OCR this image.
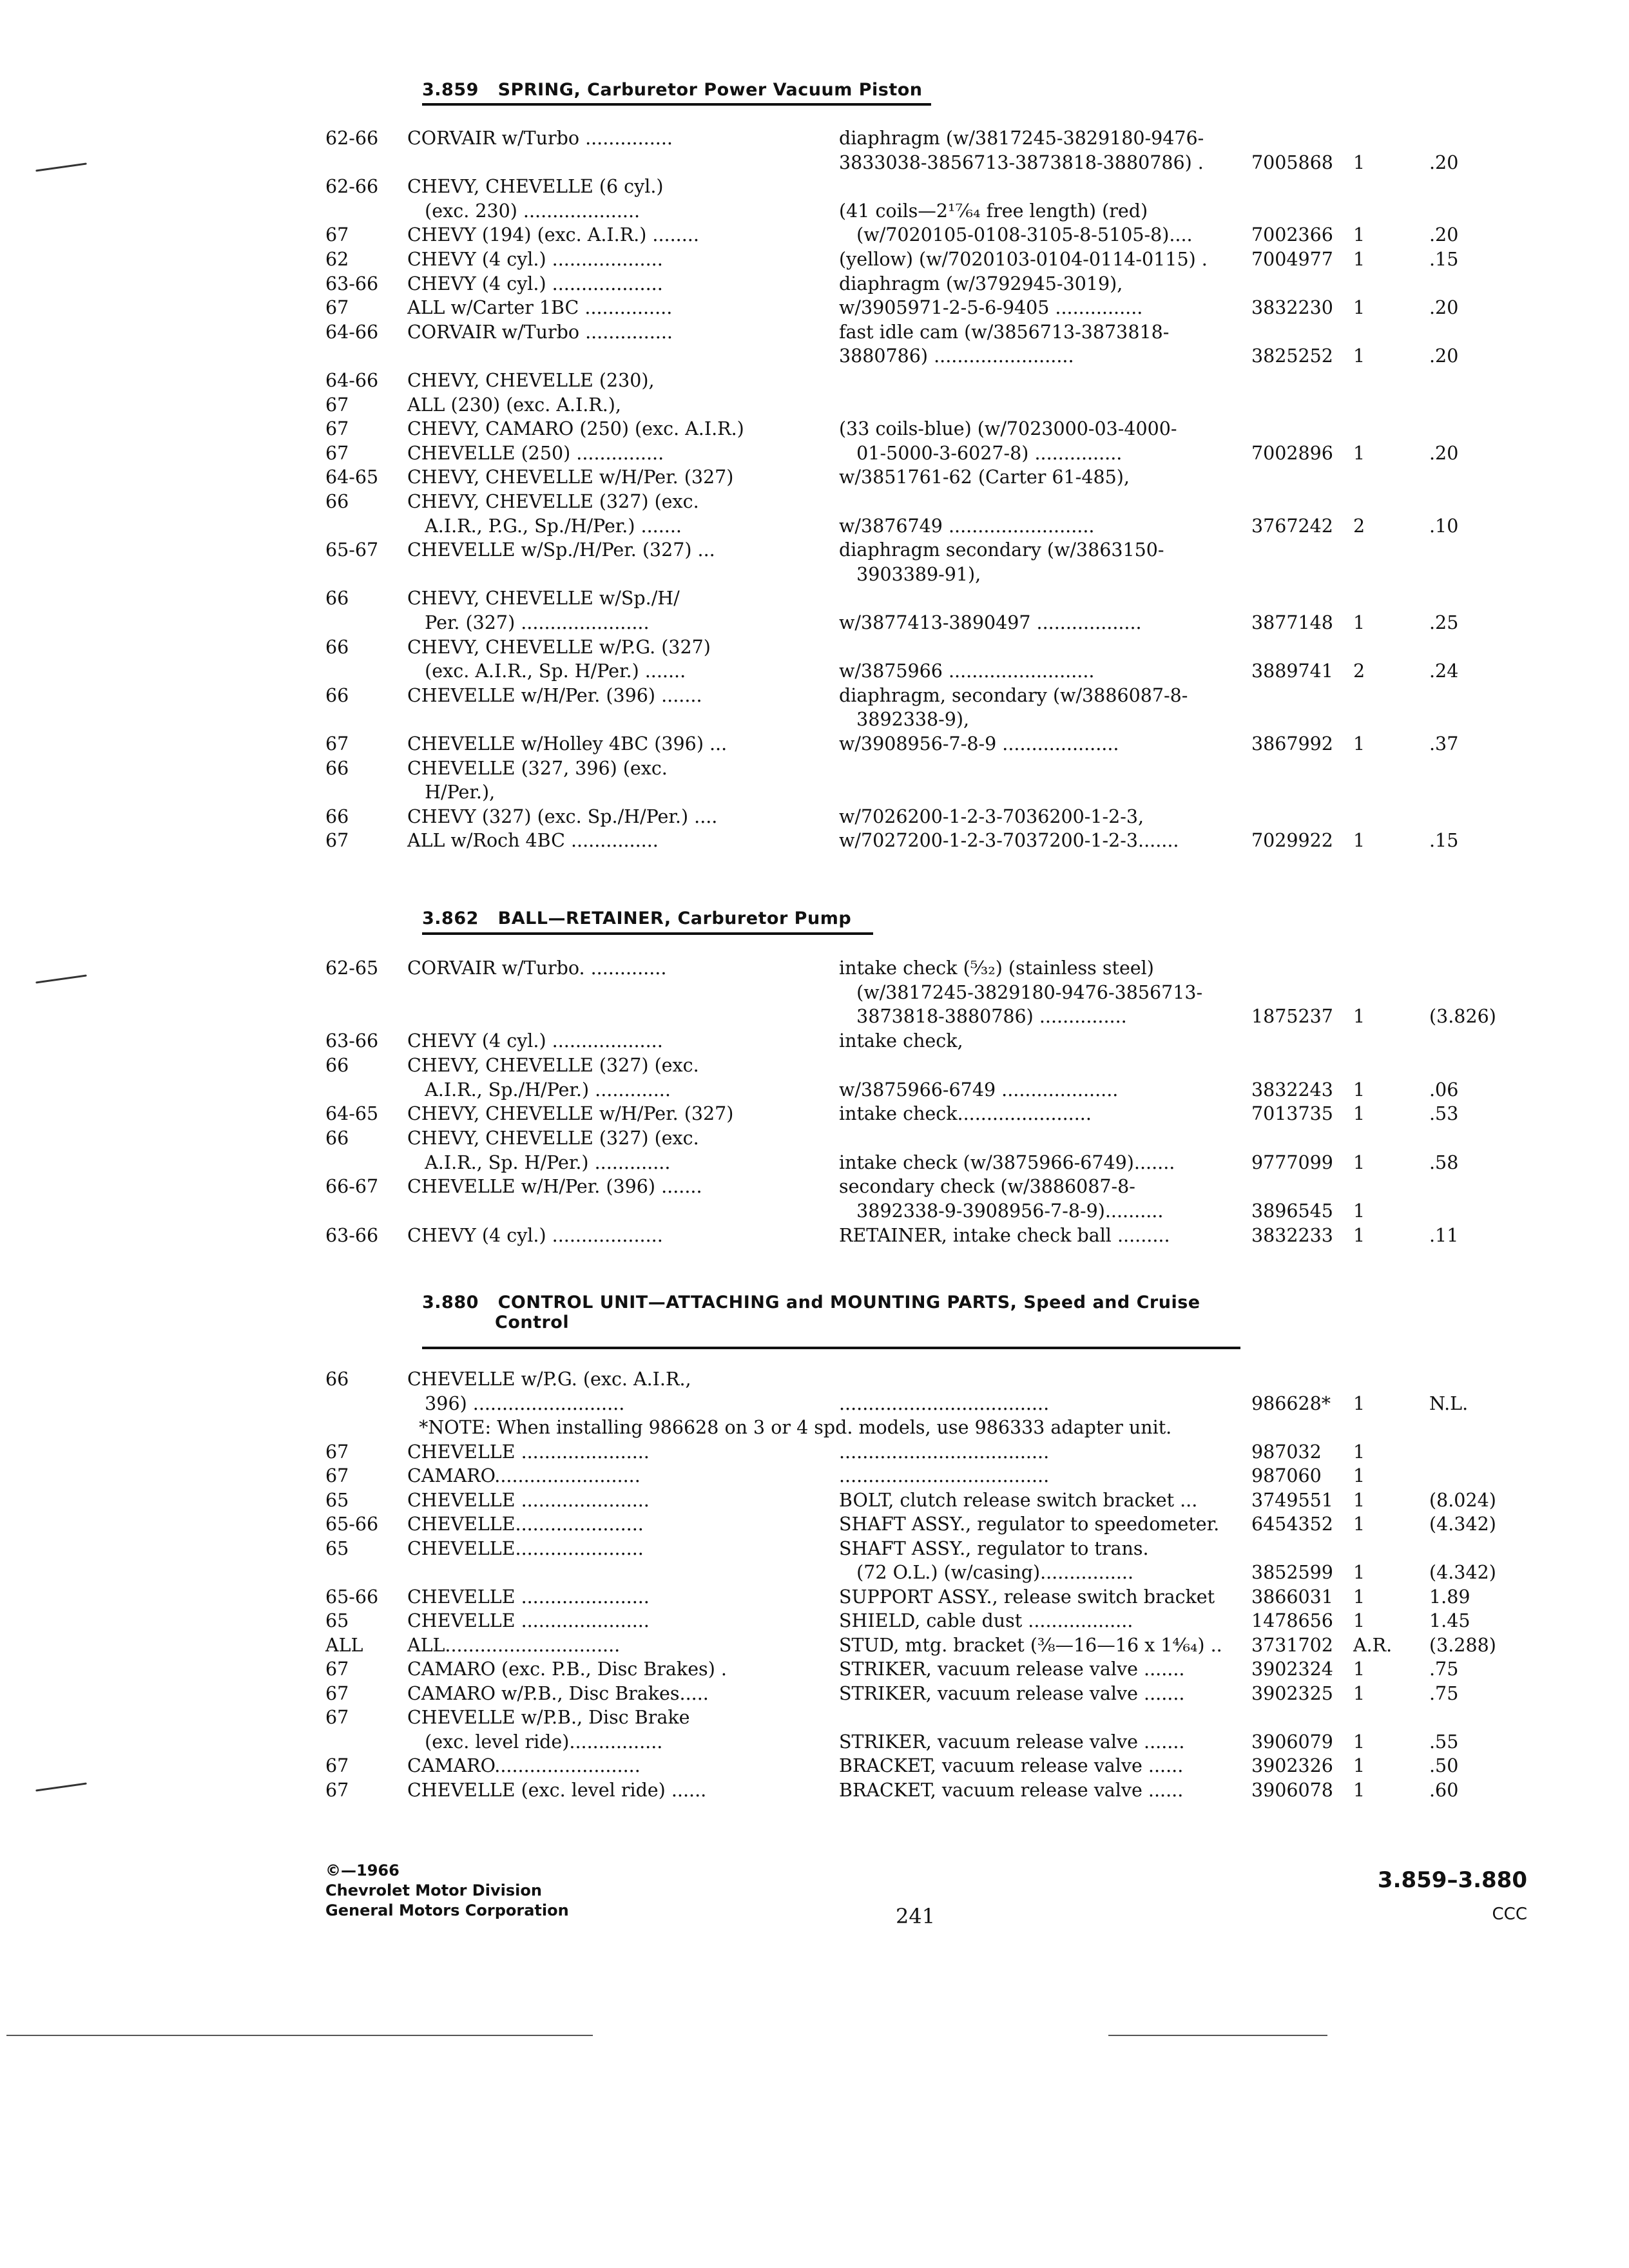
3.859 SPRING, Carburetor Power Vacuum Piston
62-66 CORVAIR w/Turbo ...............	diaphragm (w/3817245-3829180-9476-
3833038-3856713-3873818-3880786) .	7005868 1	.20
62-66 CHEVY, CHEVELLE (6 cyl.)
(exc. 230) ....................	(41 coils—2¹⁷⁄₆₄ free length) (red)
67	CHEVY (194) (exc. A.I.R.) ........	(w/7020105-0108-3105-8-5105-8)....	7002366 1	.20
62	CHEVY (4 cyl.) ...................	(yellow) (w/7020103-0104-0114-0115) . 7004977 1	.15
63-66 CHEVY (4 cyl.) ...................	diaphragm (w/3792945-3019),
67	ALL w/Carter 1BC ...............	w/3905971-2-5-6-9405 ...............	3832230 1	.20
64-66 CORVAIR w/Turbo ...............	fast idle cam (w/3856713-3873818-
3880786) ........................	3825252 1	.20
64-66 CHEVY, CHEVELLE (230),
67	ALL (230) (exc. A.I.R.),
67	CHEVY, CAMARO (250) (exc. A.I.R.)	(33 coils-blue) (w/7023000-03-4000-
67	CHEVELLE (250) ...............	01-5000-3-6027-8) ...............	7002896 1	.20
64-65 CHEVY, CHEVELLE w/H/Per. (327)	w/3851761-62 (Carter 61-485),
66	CHEVY, CHEVELLE (327) (exc.
A.I.R., P.G., Sp./H/Per.) .......	w/3876749 .........................	3767242 2	.10
65-67 CHEVELLE w/Sp./H/Per. (327) ...	diaphragm secondary (w/3863150-
3903389-91),
66	CHEVY, CHEVELLE w/Sp./H/
Per. (327) ......................	w/3877413-3890497 ..................	3877148 1	.25
66	CHEVY, CHEVELLE w/P.G. (327)
(exc. A.I.R., Sp. H/Per.) .......	w/3875966 .........................	3889741 2	.24
66	CHEVELLE w/H/Per. (396) .......	diaphragm, secondary (w/3886087-8-
3892338-9),
67	CHEVELLE w/Holley 4BC (396) ...	w/3908956-7-8-9 ....................	3867992 1	.37
66	CHEVELLE (327, 396) (exc.
H/Per.),
66	CHEVY (327) (exc. Sp./H/Per.) ....	w/7026200-1-2-3-7036200-1-2-3,
67	ALL w/Roch 4BC ...............	w/7027200-1-2-3-7037200-1-2-3.......	7029922 1	.15
3.862 BALL—RETAINER, Carburetor Pump
62-65 CORVAIR w/Turbo. .............	intake check (⁵⁄₃₂) (stainless steel)
(w/3817245-3829180-9476-3856713-
3873818-3880786) ...............	1875237 1	(3.826)
63-66 CHEVY (4 cyl.) ...................	intake check,
66	CHEVY, CHEVELLE (327) (exc.
A.I.R., Sp./H/Per.) .............	w/3875966-6749 ....................	3832243 1	.06
64-65 CHEVY, CHEVELLE w/H/Per. (327)	intake check.......................	7013735 1	.53
66	CHEVY, CHEVELLE (327) (exc.
A.I.R., Sp. H/Per.) .............	intake check (w/3875966-6749).......	9777099 1	.58
66-67 CHEVELLE w/H/Per. (396) .......	secondary check (w/3886087-8-
3892338-9-3908956-7-8-9)..........	3896545 1
63-66 CHEVY (4 cyl.) ...................	RETAINER, intake check ball .........	3832233 1	.11
3.880 CONTROL UNIT—ATTACHING and MOUNTING PARTS, Speed and Cruise
Control
66	CHEVELLE w/P.G. (exc. A.I.R.,
396) ..........................	....................................	986628* 1	N.L.
*NOTE: When installing 986628 on 3 or 4 spd. models, use 986333 adapter unit.
67	CHEVELLE ......................	....................................	987032 1
67	CAMARO.........................	....................................	987060 1
65	CHEVELLE ......................	BOLT, clutch release switch bracket ...	3749551 1	(8.024)
65-66 CHEVELLE......................	SHAFT ASSY., regulator to speedometer. 6454352 1	(4.342)
65	CHEVELLE......................	SHAFT ASSY., regulator to trans.
(72 O.L.) (w/casing)................	3852599 1	(4.342)
65-66 CHEVELLE ......................	SUPPORT ASSY., release switch bracket 3866031 1	1.89
65	CHEVELLE ......................	SHIELD, cable dust ..................	1478656 1	1.45
ALL ALL..............................	STUD, mtg. bracket (³⁄₈—16—16 x 1⁴⁄₆₄) .. 3731702 A.R. (3.288)
67	CAMARO (exc. P.B., Disc Brakes) .	STRIKER, vacuum release valve .......	3902324 1	.75
67	CAMARO w/P.B., Disc Brakes.....	STRIKER, vacuum release valve .......	3902325 1	.75
67	CHEVELLE w/P.B., Disc Brake
(exc. level ride)................	STRIKER, vacuum release valve .......	3906079 1	.55
67	CAMARO.........................	BRACKET, vacuum release valve ......	3902326 1	.50
67	CHEVELLE (exc. level ride) ......	BRACKET, vacuum release valve ......	3906078 1	.60
©—1966
Chevrolet Motor Division
General Motors Corporation	241
3.859–3.880
CCC
